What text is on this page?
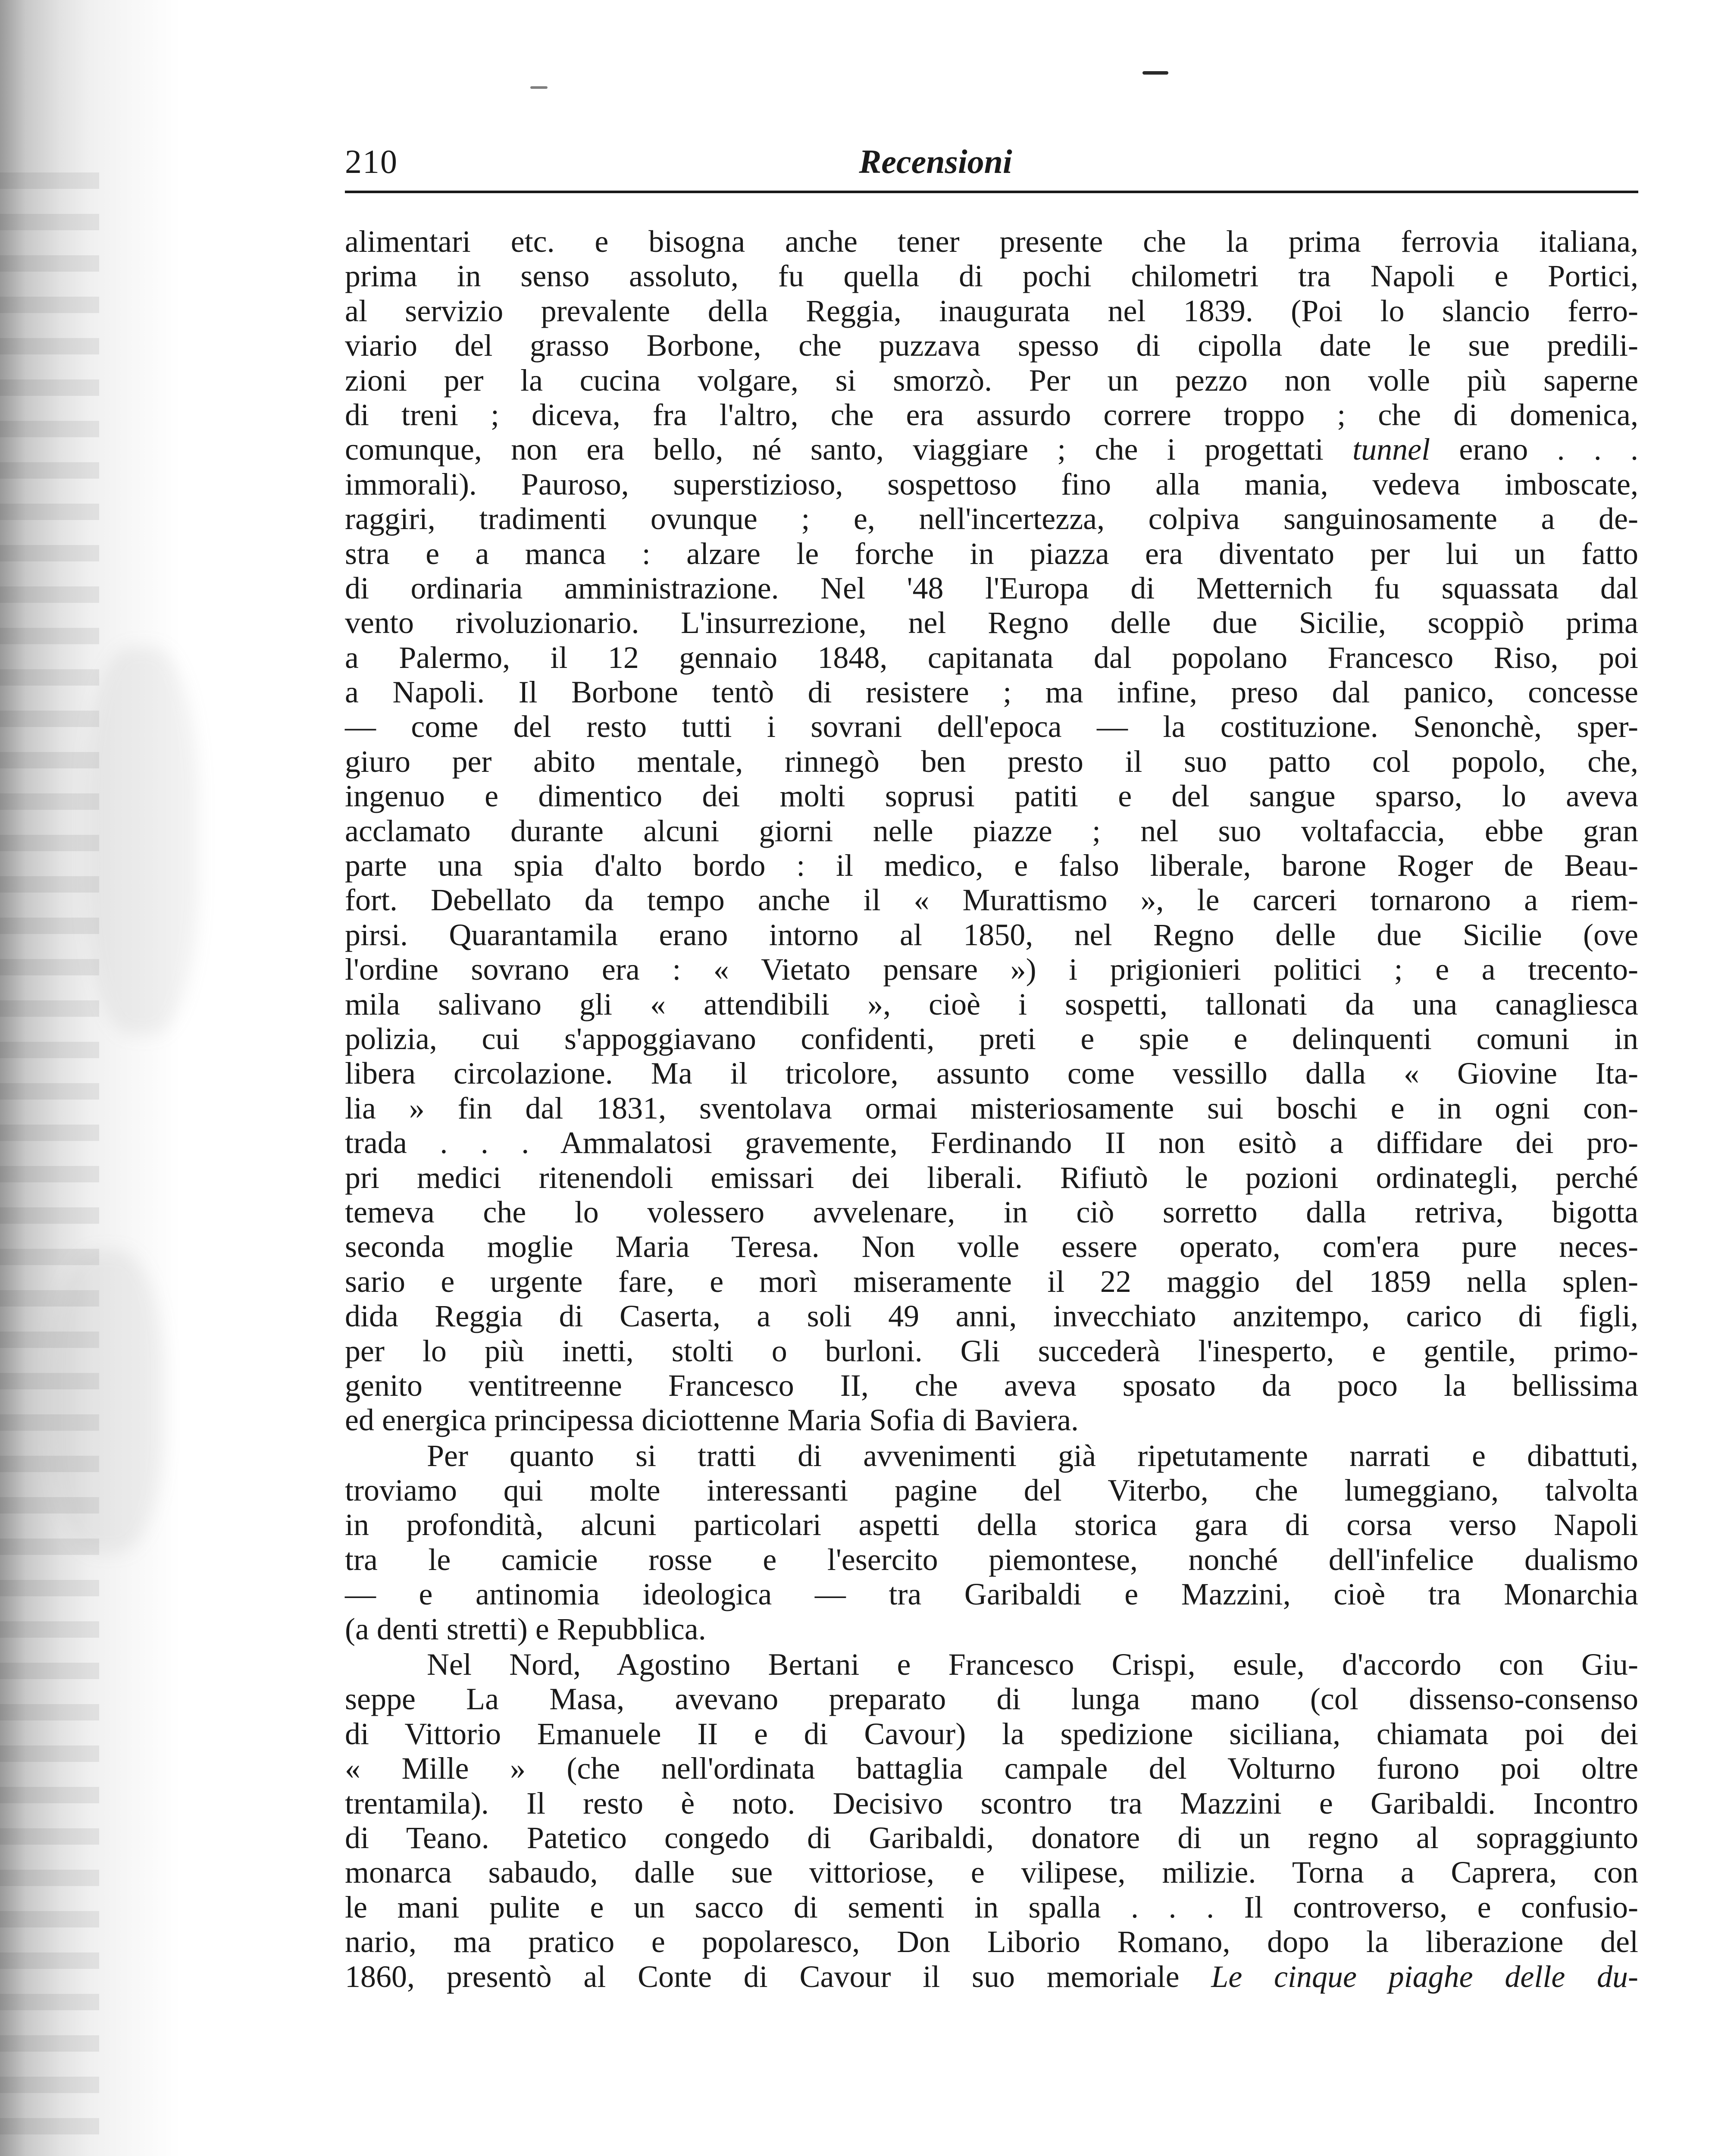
210	Recensioni
alimentari etc. e bisogna anche tener presente che la prima ferrovia italiana,
prima in senso assoluto, fu quella di pochi chilometri tra Napoli e Portici,
al servizio prevalente della Reggia, inaugurata nel 1839. (Poi lo slancio ferro-
viario del grasso Borbone, che puzzava spesso di cipolla date le sue predili-
zioni per la cucina volgare, si smorzò. Per un pezzo non volle più saperne
di treni ; diceva, fra l'altro, che era assurdo correre troppo ; che di domenica,
comunque, non era bello, né santo, viaggiare ; che i progettati tunnel erano . . .
immorali). Pauroso, superstizioso, sospettoso fino alla mania, vedeva imboscate,
raggiri, tradimenti ovunque ; e, nell'incertezza, colpiva sanguinosamente a de-
stra e a manca : alzare le forche in piazza era diventato per lui un fatto
di ordinaria amministrazione. Nel '48 l'Europa di Metternich fu squassata dal
vento rivoluzionario. L'insurrezione, nel Regno delle due Sicilie, scoppiò prima
a Palermo, il 12 gennaio 1848, capitanata dal popolano Francesco Riso, poi
a Napoli. Il Borbone tentò di resistere ; ma infine, preso dal panico, concesse
— come del resto tutti i sovrani dell'epoca — la costituzione. Senonchè, sper-
giuro per abito mentale, rinnegò ben presto il suo patto col popolo, che,
ingenuo e dimentico dei molti soprusi patiti e del sangue sparso, lo aveva
acclamato durante alcuni giorni nelle piazze ; nel suo voltafaccia, ebbe gran
parte una spia d'alto bordo : il medico, e falso liberale, barone Roger de Beau-
fort. Debellato da tempo anche il « Murattismo », le carceri tornarono a riem-
pirsi. Quarantamila erano intorno al 1850, nel Regno delle due Sicilie (ove
l'ordine sovrano era : « Vietato pensare ») i prigionieri politici ; e a trecento-
mila salivano gli « attendibili », cioè i sospetti, tallonati da una canagliesca
polizia, cui s'appoggiavano confidenti, preti e spie e delinquenti comuni in
libera circolazione. Ma il tricolore, assunto come vessillo dalla « Giovine Ita-
lia » fin dal 1831, sventolava ormai misteriosamente sui boschi e in ogni con-
trada . . . Ammalatosi gravemente, Ferdinando II non esitò a diffidare dei pro-
pri medici ritenendoli emissari dei liberali. Rifiutò le pozioni ordinategli, perché
temeva che lo volessero avvelenare, in ciò sorretto dalla retriva, bigotta
seconda moglie Maria Teresa. Non volle essere operato, com'era pure neces-
sario e urgente fare, e morì miseramente il 22 maggio del 1859 nella splen-
dida Reggia di Caserta, a soli 49 anni, invecchiato anzitempo, carico di figli,
per lo più inetti, stolti o burloni. Gli succederà l'inesperto, e gentile, primo-
genito ventitreenne Francesco II, che aveva sposato da poco la bellissima
ed energica principessa diciottenne Maria Sofia di Baviera.
Per quanto si tratti di avvenimenti già ripetutamente narrati e dibattuti,
troviamo qui molte interessanti pagine del Viterbo, che lumeggiano, talvolta
in profondità, alcuni particolari aspetti della storica gara di corsa verso Napoli
tra le camicie rosse e l'esercito piemontese, nonché dell'infelice dualismo
— e antinomia ideologica — tra Garibaldi e Mazzini, cioè tra Monarchia
(a denti stretti) e Repubblica.
Nel Nord, Agostino Bertani e Francesco Crispi, esule, d'accordo con Giu-
seppe La Masa, avevano preparato di lunga mano (col dissenso-consenso
di Vittorio Emanuele II e di Cavour) la spedizione siciliana, chiamata poi dei
« Mille » (che nell'ordinata battaglia campale del Volturno furono poi oltre
trentamila). Il resto è noto. Decisivo scontro tra Mazzini e Garibaldi. Incontro
di Teano. Patetico congedo di Garibaldi, donatore di un regno al sopraggiunto
monarca sabaudo, dalle sue vittoriose, e vilipese, milizie. Torna a Caprera, con
le mani pulite e un sacco di sementi in spalla . . . Il controverso, e confusio-
nario, ma pratico e popolaresco, Don Liborio Romano, dopo la liberazione del
1860, presentò al Conte di Cavour il suo memoriale Le cinque piaghe delle du-
